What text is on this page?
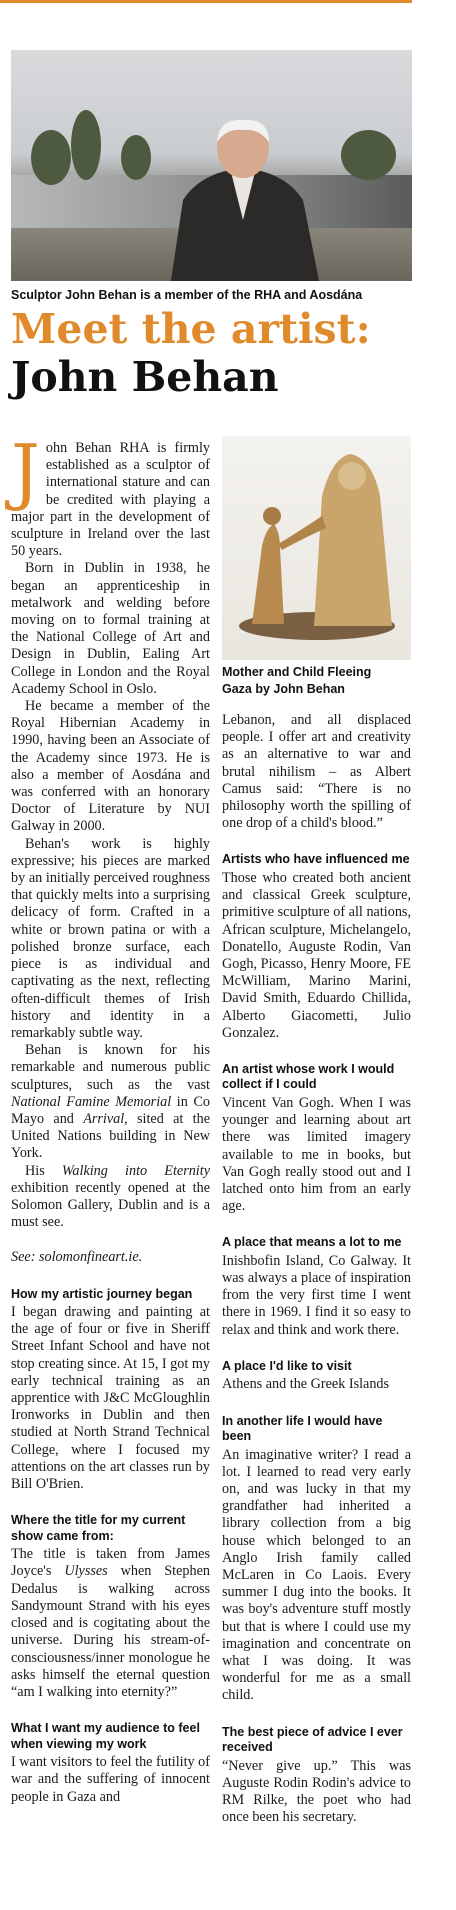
Sculptor John Behan is a member of the RHA and Aosdána
Meet the artist:
John Behan
Mother and Child Fleeing
Gaza by John Behan

John Behan RHA is firmly established as a sculptor of international stature and can be credited with playing a major part in the development of sculpture in Ireland over the last 50 years.

Born in Dublin in 1938, he began an apprenticeship in metalwork and welding before moving on to formal training at the National College of Art and Design in Dublin, Ealing Art College in London and the Royal Academy School in Oslo.

He became a member of the Royal Hibernian Academy in 1990, having been an Associate of the Academy since 1973. He is also a member of Aosdána and was conferred with an honorary Doctor of Literature by NUI Galway in 2000.

Behan's work is highly expressive; his pieces are marked by an initially perceived roughness that quickly melts into a surprising delicacy of form. Crafted in a white or brown patina or with a polished bronze surface, each piece is as individual and captivating as the next, reflecting often-difficult themes of Irish history and identity in a remarkably subtle way.

Behan is known for his remarkable and numerous public sculptures, such as the vast National Famine Memorial in Co Mayo and Arrival, sited at the United Nations building in New York.

His Walking into Eternity exhibition recently opened at the Solomon Gallery, Dublin and is a must see.

See: solomonfineart.ie.

How my artistic journey began

I began drawing and painting at the age of four or five in Sheriff Street Infant School and have not stop creating since. At 15, I got my early technical training as an apprentice with J&C McGloughlin Ironworks in Dublin and then studied at North Strand Technical College, where I focused my attentions on the art classes run by Bill O'Brien.

Where the title for my current show came from:

The title is taken from James Joyce's Ulysses when Stephen Dedalus is walking across Sandymount Strand with his eyes closed and is cogitating about the universe. During his stream-of-consciousness/inner monologue he asks himself the eternal question “am I walking into eternity?”

What I want my audience to feel when viewing my work

I want visitors to feel the futility of war and the suffering of innocent people in Gaza and

Lebanon, and all displaced people. I offer art and creativity as an alternative to war and brutal nihilism – as Albert Camus said: “There is no philosophy worth the spilling of one drop of a child's blood.”

Artists who have influenced me

Those who created both ancient and classical Greek sculpture, primitive sculpture of all nations, African sculpture, Michelangelo, Donatello, Auguste Rodin, Van Gogh, Picasso, Henry Moore, FE McWilliam, Marino Marini, David Smith, Eduardo Chillida, Alberto Giacometti, Julio Gonzalez.

An artist whose work I would collect if I could

Vincent Van Gogh. When I was younger and learning about art there was limited imagery available to me in books, but Van Gogh really stood out and I latched onto him from an early age.

A place that means a lot to me

Inishbofin Island, Co Galway. It was always a place of inspiration from the very first time I went there in 1969. I find it so easy to relax and think and work there.

A place I'd like to visit

Athens and the Greek Islands

In another life I would have been

An imaginative writer? I read a lot. I learned to read very early on, and was lucky in that my grandfather had inherited a library collection from a big house which belonged to an Anglo Irish family called McLaren in Co Laois. Every summer I dug into the books. It was boy's adventure stuff mostly but that is where I could use my imagination and concentrate on what I was doing. It was wonderful for me as a small child.

The best piece of advice I ever received

“Never give up.” This was Auguste Rodin Rodin's advice to RM Rilke, the poet who had once been his secretary.
